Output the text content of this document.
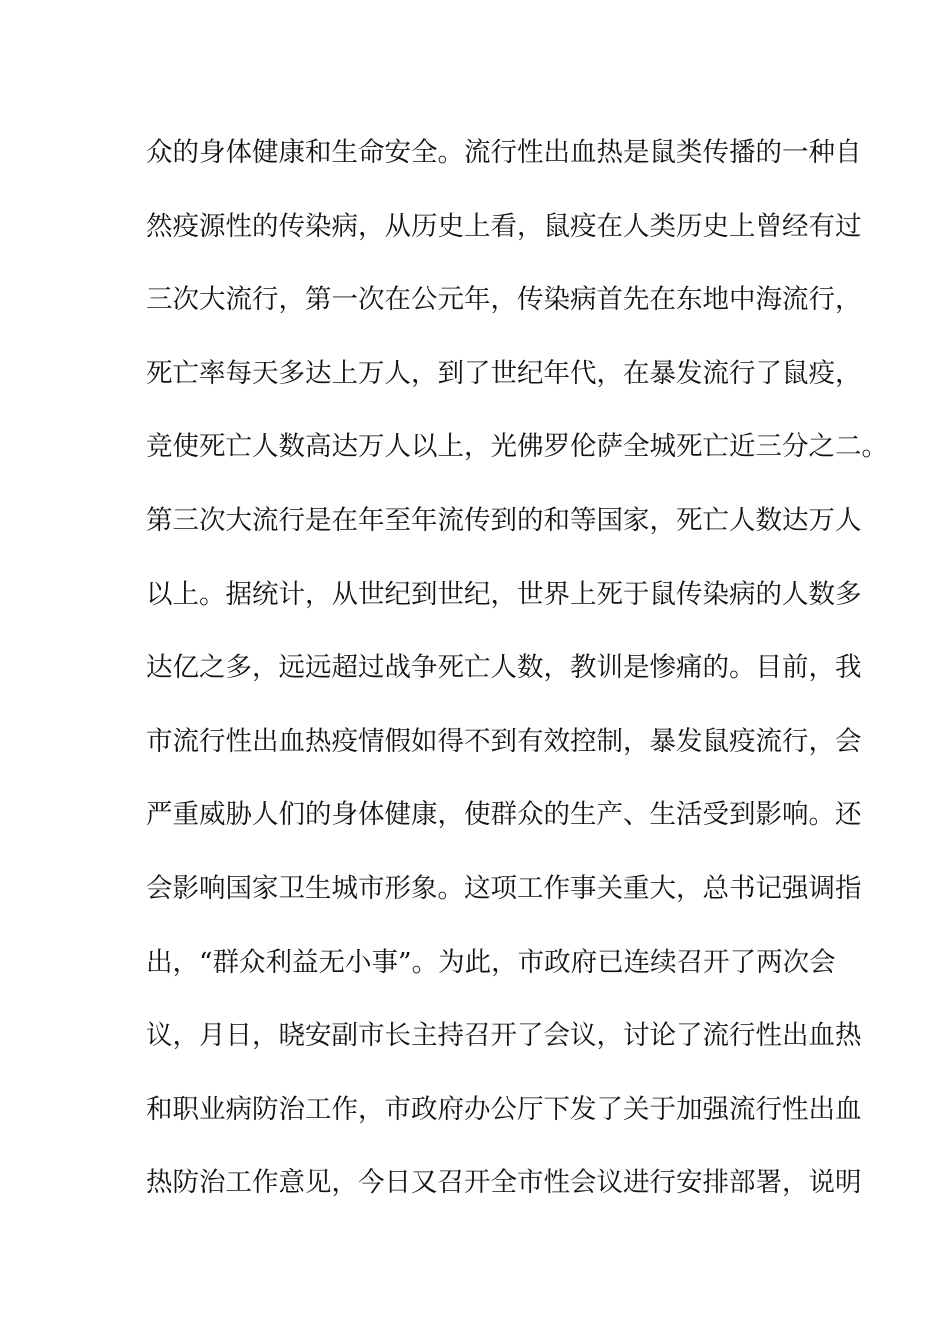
众的身体健康和生命安全。流行性出血热是鼠类传播的一种自
然疫源性的传染病，从历史上看，鼠疫在人类历史上曾经有过
三次大流行，第一次在公元年，传染病首先在东地中海流行，
死亡率每天多达上万人，到了世纪年代，在暴发流行了鼠疫，
竞使死亡人数高达万人以上，光佛罗伦萨全城死亡近三分之二。
第三次大流行是在年至年流传到的和等国家，死亡人数达万人
以上。据统计，从世纪到世纪，世界上死于鼠传染病的人数多
达亿之多，远远超过战争死亡人数，教训是惨痛的。目前，我
市流行性出血热疫情假如得不到有效控制，暴发鼠疫流行，会
严重威胁人们的身体健康，使群众的生产、生活受到影响。还
会影响国家卫生城市形象。这项工作事关重大，总书记强调指
出，“群众利益无小事”。为此，市政府已连续召开了两次会
议，月日，晓安副市长主持召开了会议，讨论了流行性出血热
和职业病防治工作，市政府办公厅下发了关于加强流行性出血
热防治工作意见，今日又召开全市性会议进行安排部署，说明
